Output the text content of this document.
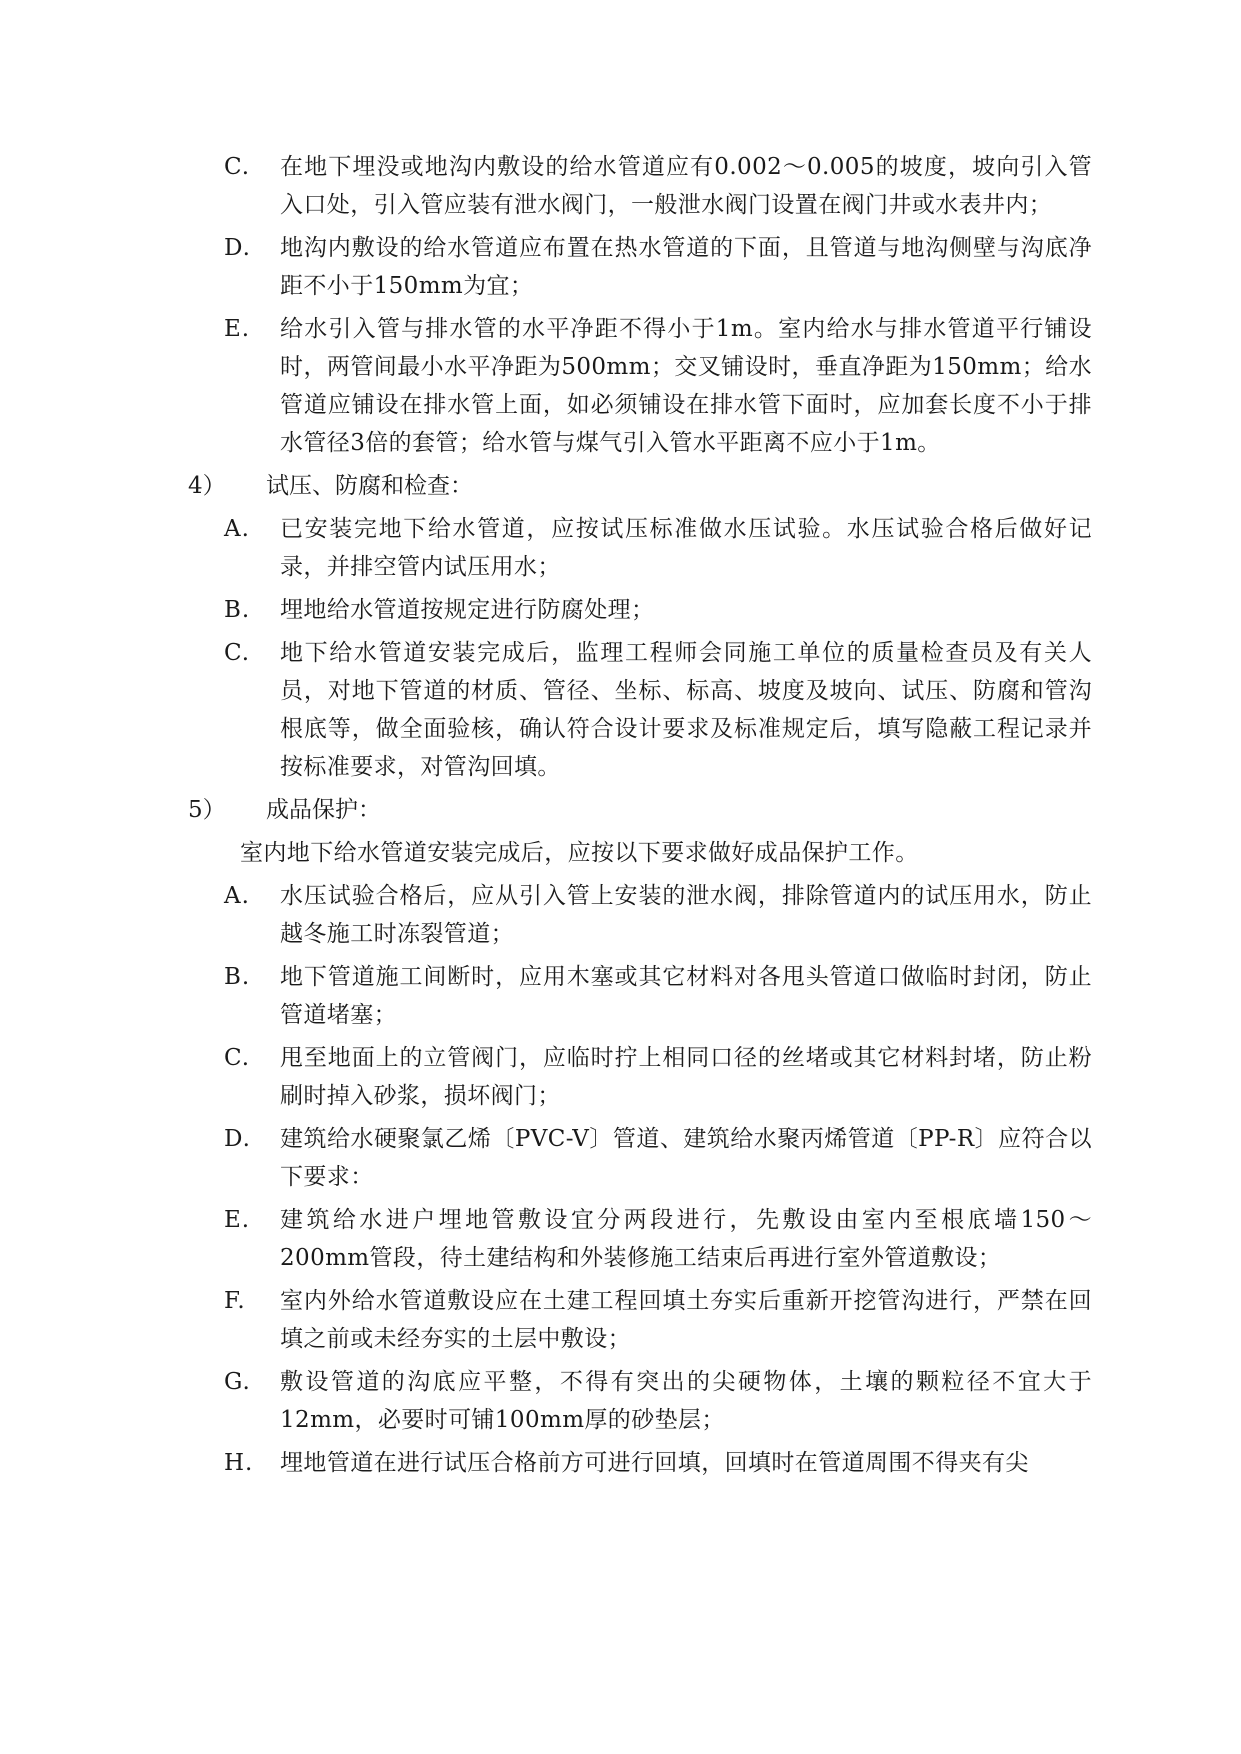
C. 在地下埋没或地沟内敷设的给水管道应有0.002～0.005的坡度，坡向引入管入口处，引入管应装有泄水阀门，一般泄水阀门设置在阀门井或水表井内；
D. 地沟内敷设的给水管道应布置在热水管道的下面，且管道与地沟侧壁与沟底净距不小于150mm为宜；
E. 给水引入管与排水管的水平净距不得小于1m。室内给水与排水管道平行铺设时，两管间最小水平净距为500mm；交叉铺设时，垂直净距为150mm；给水管道应铺设在排水管上面，如必须铺设在排水管下面时，应加套长度不小于排水管径3倍的套管；给水管与煤气引入管水平距离不应小于1m。
4） 试压、防腐和检查：
A. 已安装完地下给水管道，应按试压标准做水压试验。水压试验合格后做好记录，并排空管内试压用水；
B. 埋地给水管道按规定进行防腐处理；
C. 地下给水管道安装完成后，监理工程师会同施工单位的质量检查员及有关人员，对地下管道的材质、管径、坐标、标高、坡度及坡向、试压、防腐和管沟根底等，做全面验核，确认符合设计要求及标准规定后，填写隐蔽工程记录并按标准要求，对管沟回填。
5） 成品保护：
室内地下给水管道安装完成后，应按以下要求做好成品保护工作。
A. 水压试验合格后，应从引入管上安装的泄水阀，排除管道内的试压用水，防止越冬施工时冻裂管道；
B. 地下管道施工间断时，应用木塞或其它材料对各甩头管道口做临时封闭，防止管道堵塞；
C. 甩至地面上的立管阀门，应临时拧上相同口径的丝堵或其它材料封堵，防止粉刷时掉入砂浆，损坏阀门；
D. 建筑给水硬聚氯乙烯〔PVC-V〕管道、建筑给水聚丙烯管道〔PP-R〕应符合以下要求：
E. 建筑给水进户埋地管敷设宜分两段进行，先敷设由室内至根底墙150～200mm管段，待土建结构和外装修施工结束后再进行室外管道敷设；
F. 室内外给水管道敷设应在土建工程回填土夯实后重新开挖管沟进行，严禁在回填之前或未经夯实的土层中敷设；
G. 敷设管道的沟底应平整，不得有突出的尖硬物体，土壤的颗粒径不宜大于12mm，必要时可铺100mm厚的砂垫层；
H. 埋地管道在进行试压合格前方可进行回填，回填时在管道周围不得夹有尖
